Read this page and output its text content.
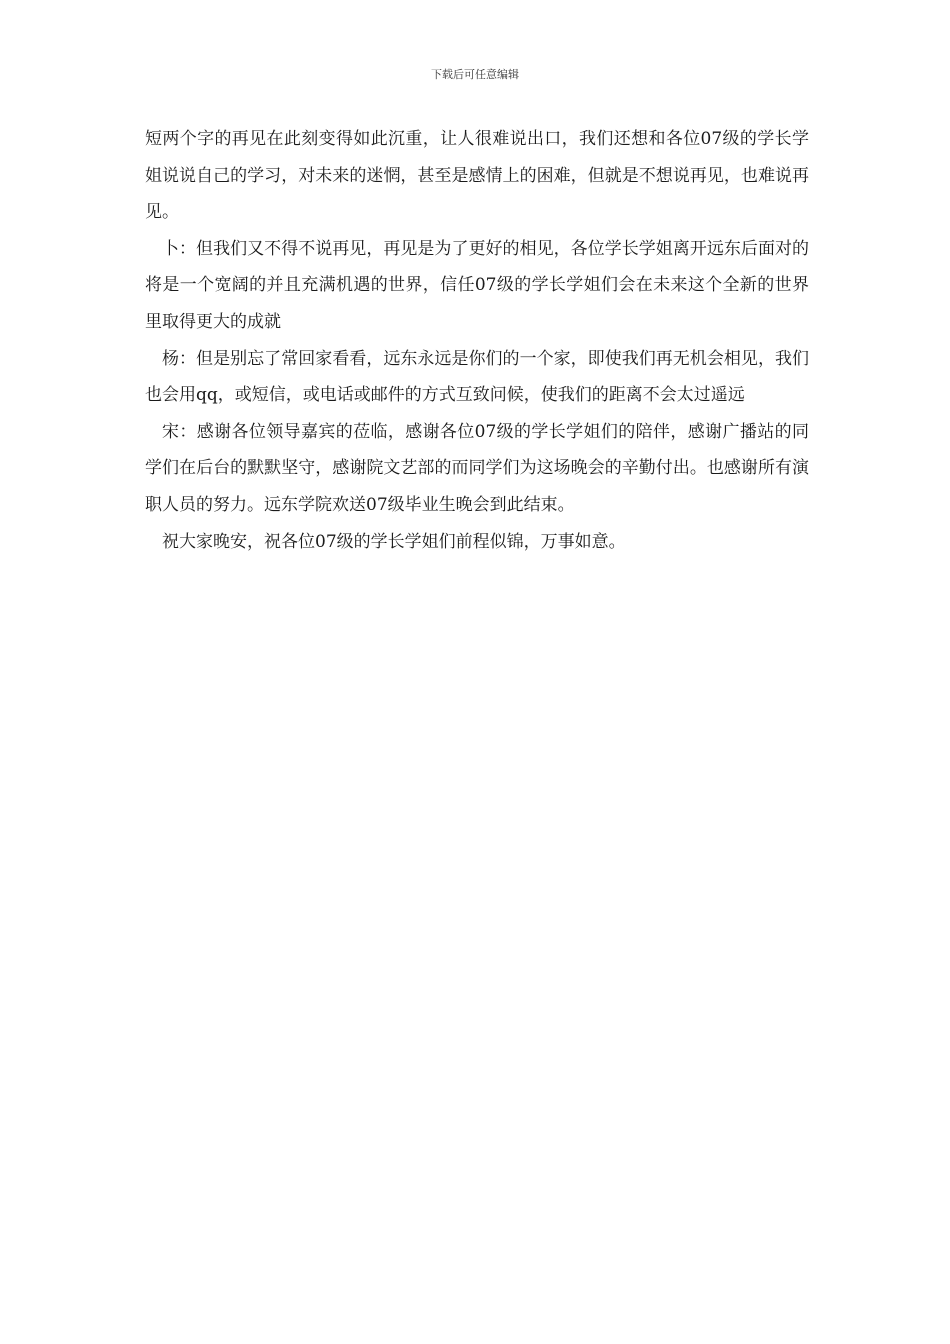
下载后可任意编辑

短两个字的再见在此刻变得如此沉重，让人很难说出口，我们还想和各位07级的学长学姐说说自己的学习，对未来的迷惘，甚至是感情上的困难，但就是不想说再见，也难说再见。

卜：但我们又不得不说再见，再见是为了更好的相见，各位学长学姐离开远东后面对的将是一个宽阔的并且充满机遇的世界，信任07级的学长学姐们会在未来这个全新的世界里取得更大的成就

杨：但是别忘了常回家看看，远东永远是你们的一个家，即使我们再无机会相见，我们也会用qq，或短信，或电话或邮件的方式互致问候，使我们的距离不会太过遥远

宋：感谢各位领导嘉宾的莅临，感谢各位07级的学长学姐们的陪伴，感谢广播站的同学们在后台的默默坚守，感谢院文艺部的而同学们为这场晚会的辛勤付出。也感谢所有演职人员的努力。远东学院欢送07级毕业生晚会到此结束。

祝大家晚安，祝各位07级的学长学姐们前程似锦，万事如意。
